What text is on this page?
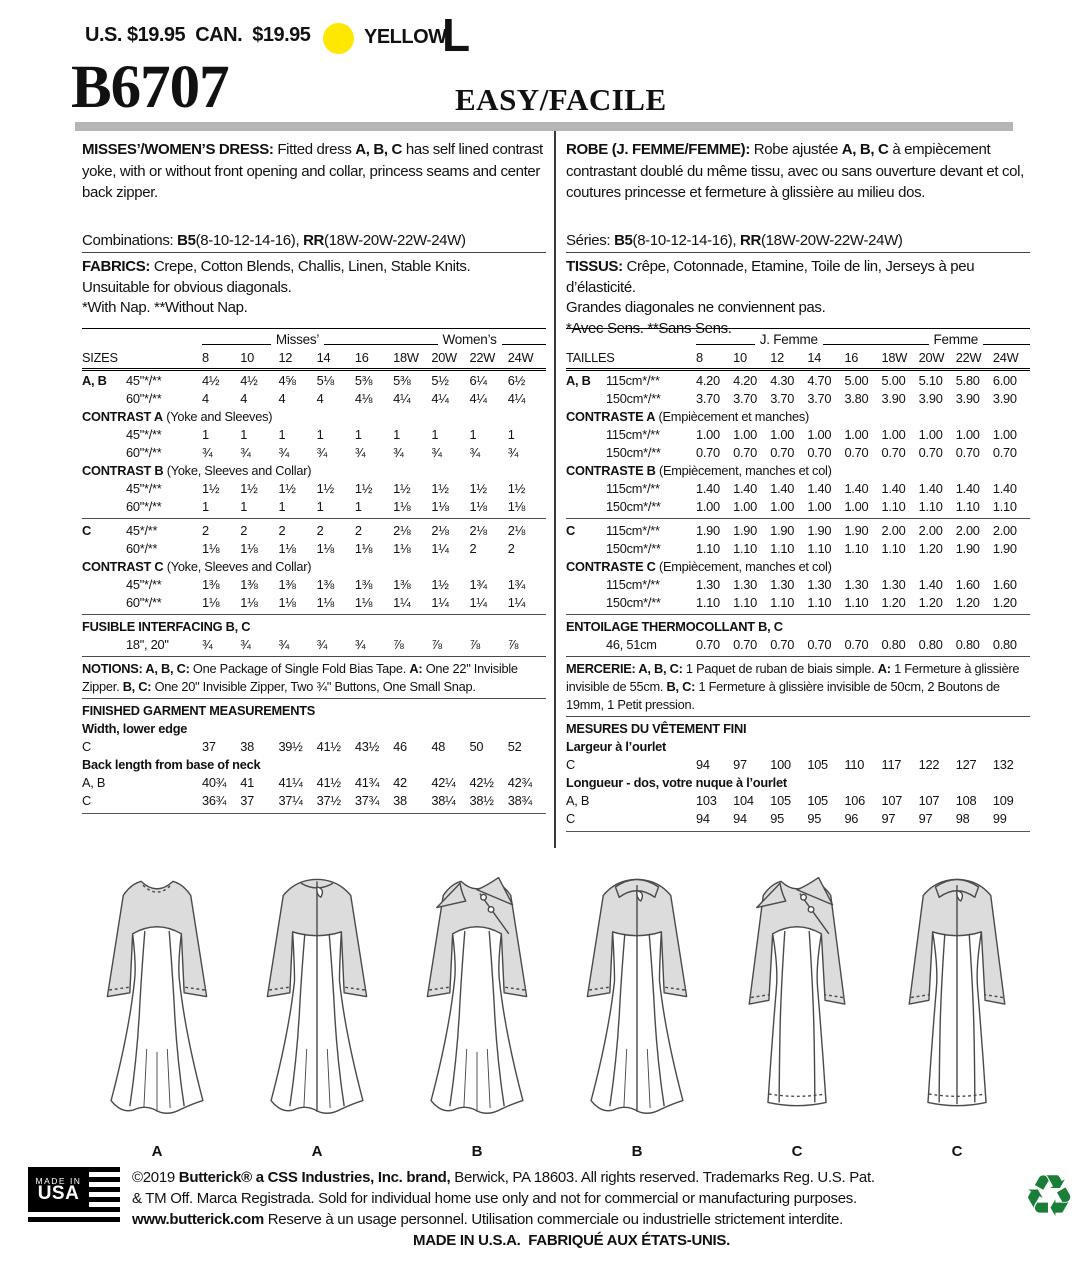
U.S. $19.95  CAN.  $19.95	YELLOW
L
B6707	EASY/FACILE

MISSES’/WOMEN’S DRESS: Fitted dress A, B, C has self lined contrast yoke, with or without front opening and collar, princess seams and center back zipper.

Combinations: B5(8-10-12-14-16), RR(18W-20W-22W-24W)

FABRICS: Crepe, Cotton Blends, Challis, Linen, Stable Knits.

Unsuitable for obvious diagonals.

*With Nap. **Without Nap.

Misses’	Women’s
SIZES	8	10	12	14	16	18W 20W 22W 24W
A, B	45"*/**	4½	4½	4⅝	5⅛	5⅜	5⅜	5½	6¼	6½
60"*/**	4	4	4	4	4⅛	4¼	4¼	4¼	4¼
CONTRAST A (Yoke and Sleeves)
45"*/**	1	1	1	1	1	1	1	1	1
60"*/**	¾	¾	¾	¾	¾	¾	¾	¾	¾
CONTRAST B (Yoke, Sleeves and Collar)
45"*/**	1½	1½	1½	1½	1½	1½	1½	1½	1½
60"*/**	1	1	1	1	1	1⅛	1⅛	1⅛	1⅛
C	45*/**	2	2	2	2	2	2⅛	2⅛	2⅛	2⅛
60*/**	1⅛	1⅛	1⅛	1⅛	1⅛	1⅛	1¼	2	2
CONTRAST C (Yoke, Sleeves and Collar)
45"*/**	1⅜	1⅜	1⅜	1⅜	1⅜	1⅜	1½	1¾	1¾
60"*/**	1⅛	1⅛	1⅛	1⅛	1⅛	1¼	1¼	1¼	1¼
FUSIBLE INTERFACING B, C
18", 20"	¾	¾	¾	¾	¾	⅞	⅞	⅞	⅞
NOTIONS: A, B, C: One Package of Single Fold Bias Tape. A: One 22" Invisible Zipper. B, C: One 20" Invisible Zipper, Two ¾" Buttons, One Small Snap.
FINISHED GARMENT MEASUREMENTS
Width, lower edge
C	37	38	39½	41½	43½	46	48	50	52
Back length from base of neck
A, B	40¾	41	41¼	41½	41¾	42	42¼	42½	42¾
C	36¾	37	37¼	37½	37¾	38	38¼	38½	38¾

ROBE (J. FEMME/FEMME): Robe ajustée A, B, C à empiècement contrastant doublé du même tissu, avec ou sans ouverture devant et col, coutures princesse et fermeture à glissière au milieu dos.

Séries: B5(8-10-12-14-16), RR(18W-20W-22W-24W)

TISSUS: Crêpe, Cotonnade, Etamine, Toile de lin, Jerseys à peu d’élasticité.

Grandes diagonales ne conviennent pas.

*Avec Sens. **Sans Sens.

J. Femme	Femme
TAILLES	8	10	12	14	16	18W 20W 22W 24W
A, B	115cm*/**	4.20	4.20	4.30	4.70	5.00	5.00	5.10	5.80	6.00
150cm*/**	3.70	3.70	3.70	3.70	3.80	3.90	3.90	3.90	3.90
CONTRASTE A (Empiècement et manches)
115cm*/**	1.00	1.00	1.00	1.00	1.00	1.00	1.00	1.00	1.00
150cm*/**	0.70	0.70	0.70	0.70	0.70	0.70	0.70	0.70	0.70
CONTRASTE B (Empiècement, manches et col)
115cm*/**	1.40	1.40	1.40	1.40	1.40	1.40	1.40	1.40	1.40
150cm*/**	1.00	1.00	1.00	1.00	1.00	1.10	1.10	1.10	1.10
C	115cm*/**	1.90	1.90	1.90	1.90	1.90	2.00	2.00	2.00	2.00
150cm*/**	1.10	1.10	1.10	1.10	1.10	1.10	1.20	1.90	1.90
CONTRASTE C (Empiècement, manches et col)
115cm*/**	1.30	1.30	1.30	1.30	1.30	1.30	1.40	1.60	1.60
150cm*/**	1.10	1.10	1.10	1.10	1.10	1.20	1.20	1.20	1.20
ENTOILAGE THERMOCOLLANT B, C
46, 51cm	0.70	0.70	0.70	0.70	0.70	0.80	0.80	0.80	0.80
MERCERIE: A, B, C: 1 Paquet de ruban de biais simple. A: 1 Fermeture à glissière invisible de 55cm. B, C: 1 Fermeture à glissière invisible de 50cm, 2 Boutons de 19mm, 1 Petit pression.
MESURES DU VÊTEMENT FINI
Largeur à l’ourlet
C	94	97	100	105	110	117	122	127	132
Longueur - dos, votre nuque à l’ourlet
A, B	103	104	105	105	106	107	107	108	109
C	94	94	95	95	96	97	97	98	99
A	A	B	B	C	C
MADE IN
USA

©2019 Butterick® a CSS Industries, Inc. brand, Berwick, PA 18603. All rights reserved. Trademarks Reg. U.S. Pat.

& TM Off. Marca Registrada. Sold for individual home use only and not for commercial or manufacturing purposes.

www.butterick.com Reserve à un usage personnel. Utilisation commerciale ou industrielle strictement interdite.

MADE IN U.S.A.  FABRIQUÉ AUX ÉTATS-UNIS.

♻
